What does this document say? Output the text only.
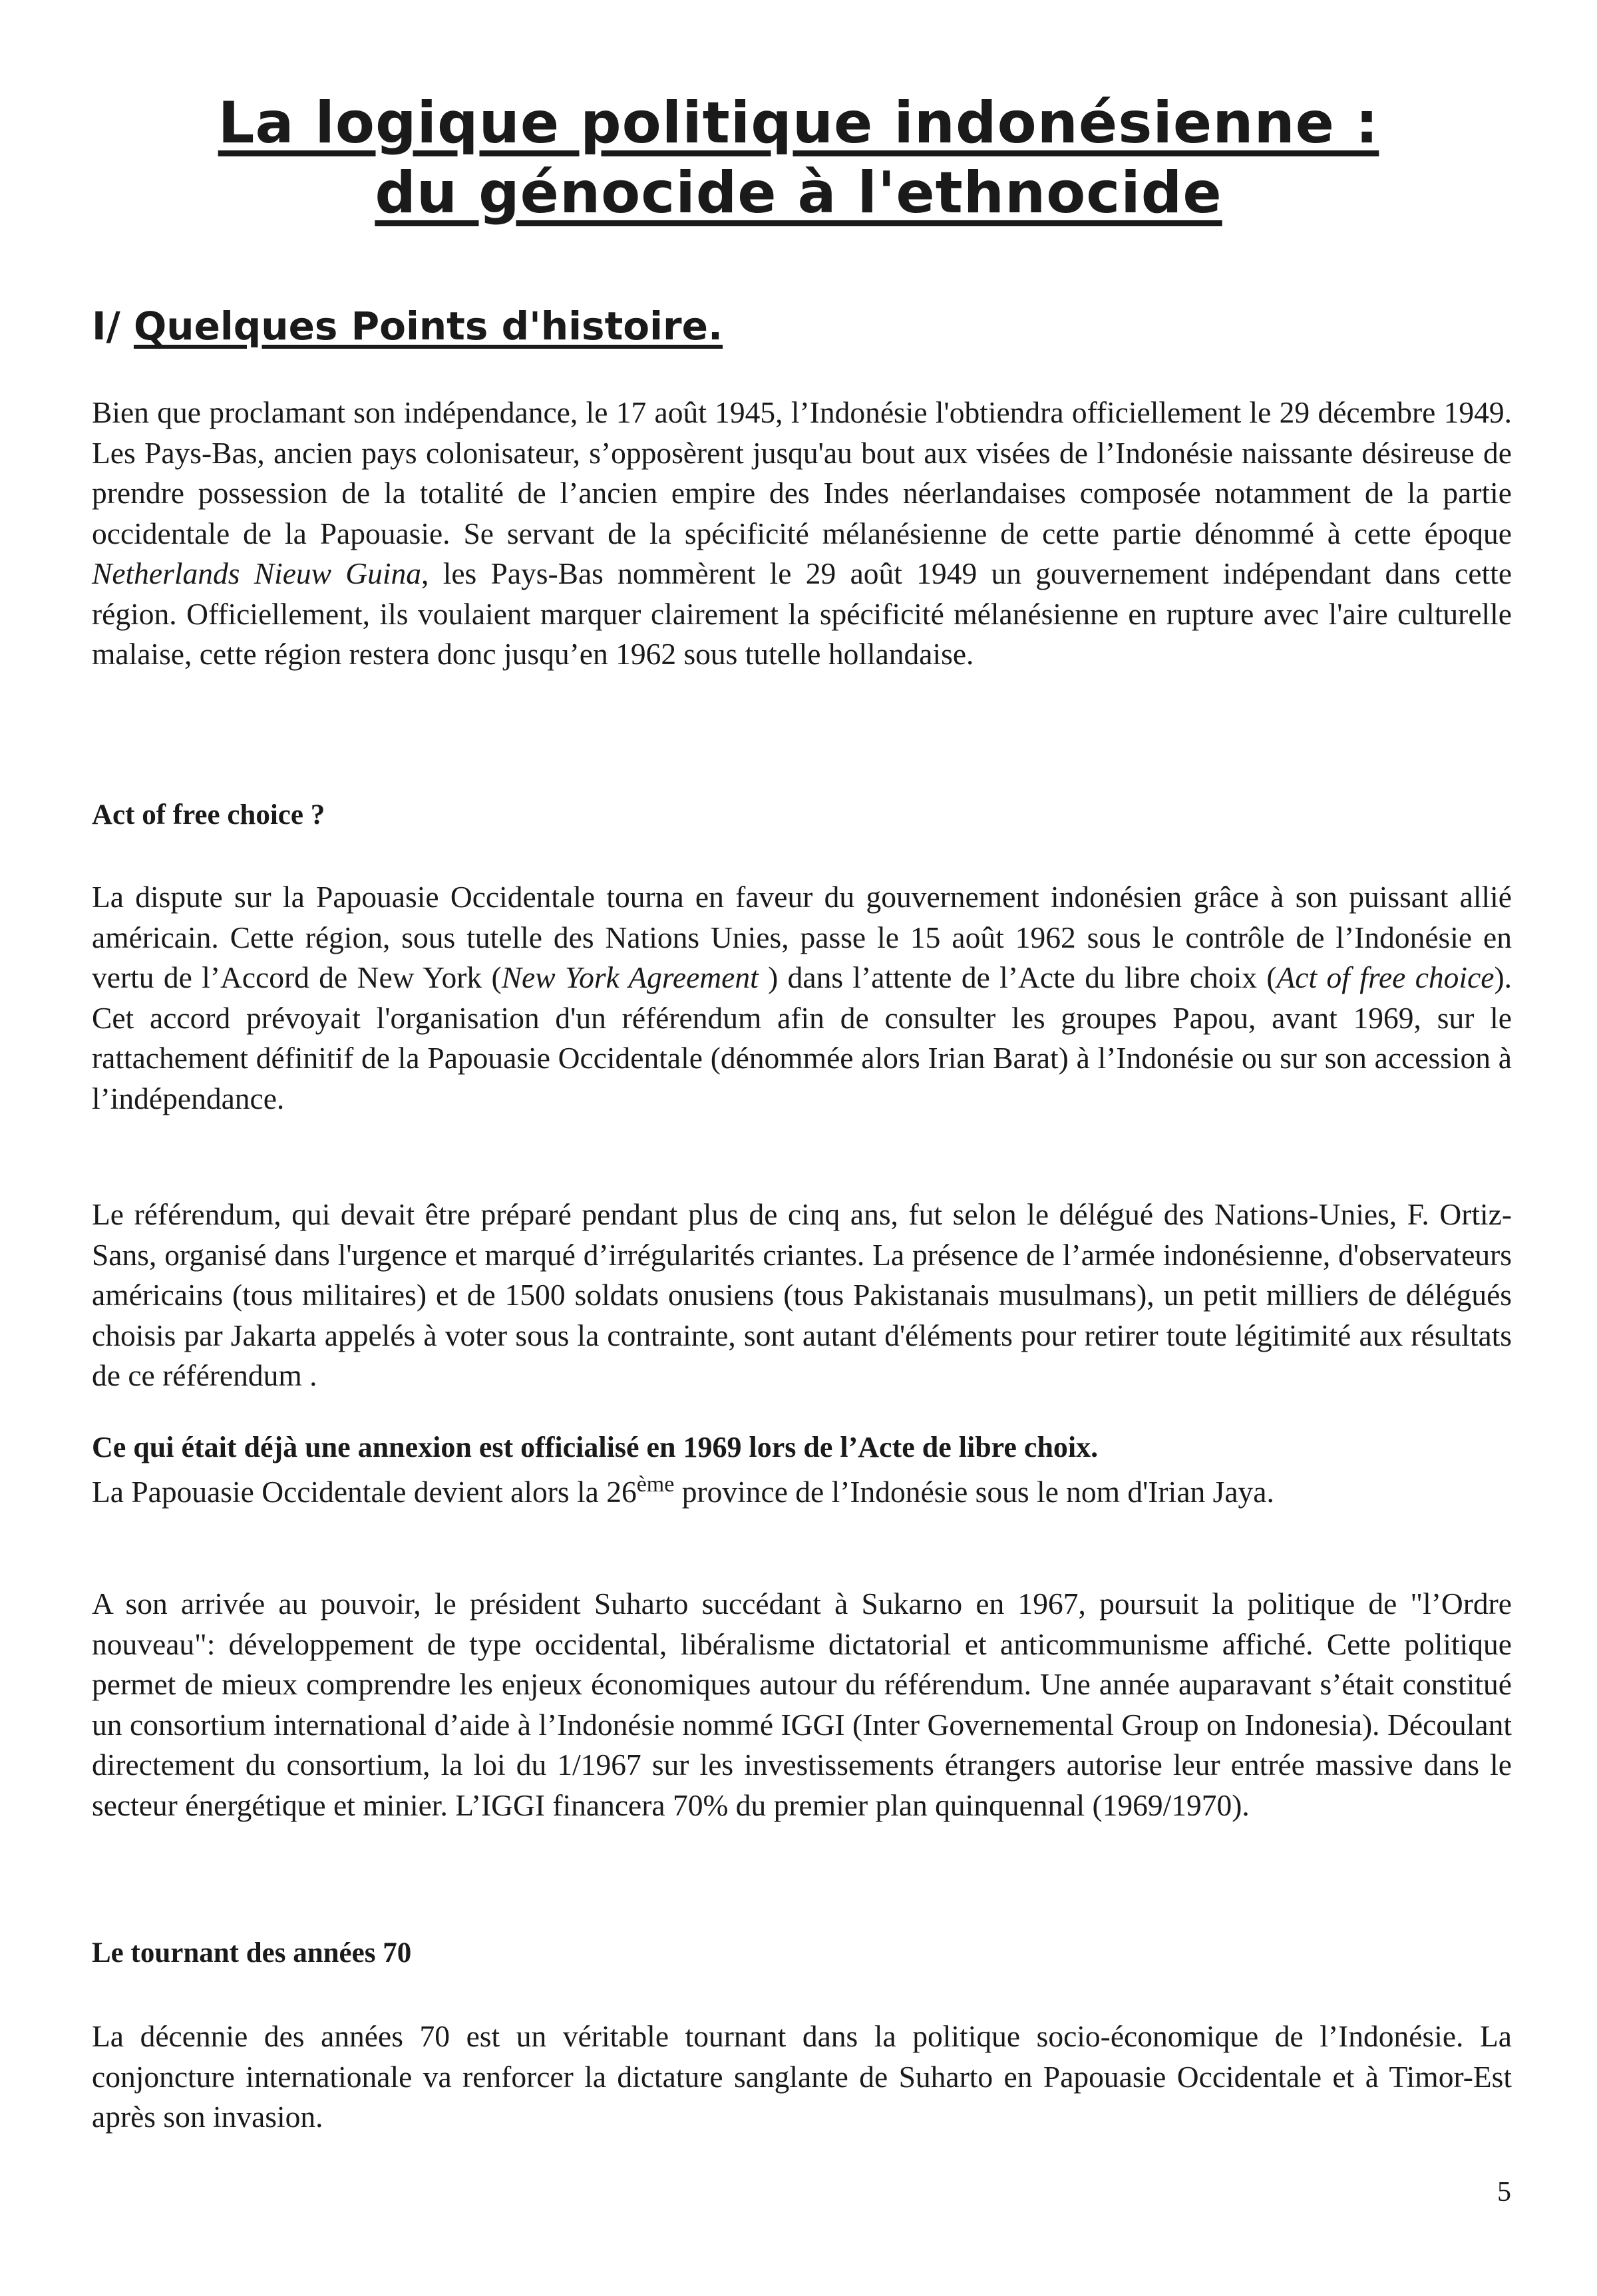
La logique politique indonésienne :
du génocide à l'ethnocide
I/ Quelques Points d'histoire.

Bien que proclamant son indépendance, le 17 août 1945, l’Indonésie l'obtiendra officiellement le 29 décembre 1949. Les Pays-Bas, ancien pays colonisateur, s’opposèrent jusqu'au bout aux visées de l’Indonésie naissante désireuse de prendre possession de la totalité de l’ancien empire des Indes néerlandaises composée notamment de la partie occidentale de la Papouasie. Se servant de la spécificité mélanésienne de cette partie dénommé à cette époque Netherlands Nieuw Guina, les Pays-Bas nommèrent le 29 août 1949 un gouvernement indépendant dans cette région. Officiellement, ils voulaient marquer clairement la spécificité mélanésienne en rupture avec l'aire culturelle malaise, cette région restera donc jusqu’en 1962 sous tutelle hollandaise.

Act of free choice ?

La dispute sur la Papouasie Occidentale tourna en faveur du gouvernement indonésien grâce à son puissant allié américain. Cette région, sous tutelle des Nations Unies, passe le 15 août 1962 sous le contrôle de l’Indonésie en vertu de l’Accord de New York (New York Agreement ) dans l’attente de l’Acte du libre choix (Act of free choice). Cet accord prévoyait l'organisation d'un référendum afin de consulter les groupes Papou, avant 1969, sur le rattachement définitif de la Papouasie Occidentale (dénommée alors Irian Barat) à l’Indonésie ou sur son accession à l’indépendance.

Le référendum, qui devait être préparé pendant plus de cinq ans, fut selon le délégué des Nations-Unies, F. Ortiz-Sans, organisé dans l'urgence et marqué d’irrégularités criantes. La présence de l’armée indonésienne, d'observateurs américains (tous militaires) et de 1500 soldats onusiens (tous Pakistanais musulmans), un petit milliers de délégués choisis par Jakarta appelés à voter sous la contrainte, sont autant d'éléments pour retirer toute légitimité aux résultats de ce référendum .

Ce qui était déjà une annexion est officialisé en 1969 lors de l’Acte de libre choix.

La Papouasie Occidentale devient alors la 26ème province de l’Indonésie sous le nom d'Irian Jaya.

A son arrivée au pouvoir, le président Suharto succédant à Sukarno en 1967, poursuit la politique de "l’Ordre nouveau": développement de type occidental, libéralisme dictatorial et anticommunisme affiché. Cette politique permet de mieux comprendre les enjeux économiques autour du référendum. Une année auparavant s’était constitué un consortium international d’aide à l’Indonésie nommé IGGI (Inter Governemental Group on Indonesia). Découlant directement du consortium, la loi du 1/1967 sur les investissements étrangers autorise leur entrée massive dans le secteur énergétique et minier. L’IGGI financera 70% du premier plan quinquennal (1969/1970).

Le tournant des années 70

La décennie des années 70 est un véritable tournant dans la politique socio-économique de l’Indonésie. La conjoncture internationale va renforcer la dictature sanglante de Suharto en Papouasie Occidentale et à Timor-Est après son invasion.

5
